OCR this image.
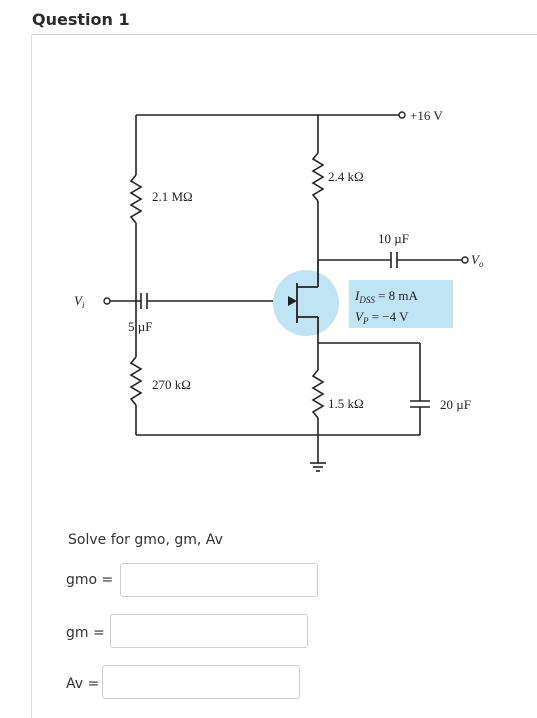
Question 1
+16 V
2.1 MΩ
2.4 kΩ
10 µF
$V_o$
$I_{DSS} = 8$ mA
$V_P = -4$ V
$V_i$
5 µF
270 kΩ
1.5 kΩ	20 µF
Solve for gmo, gm, Av
gmo =
gm =
Av =
